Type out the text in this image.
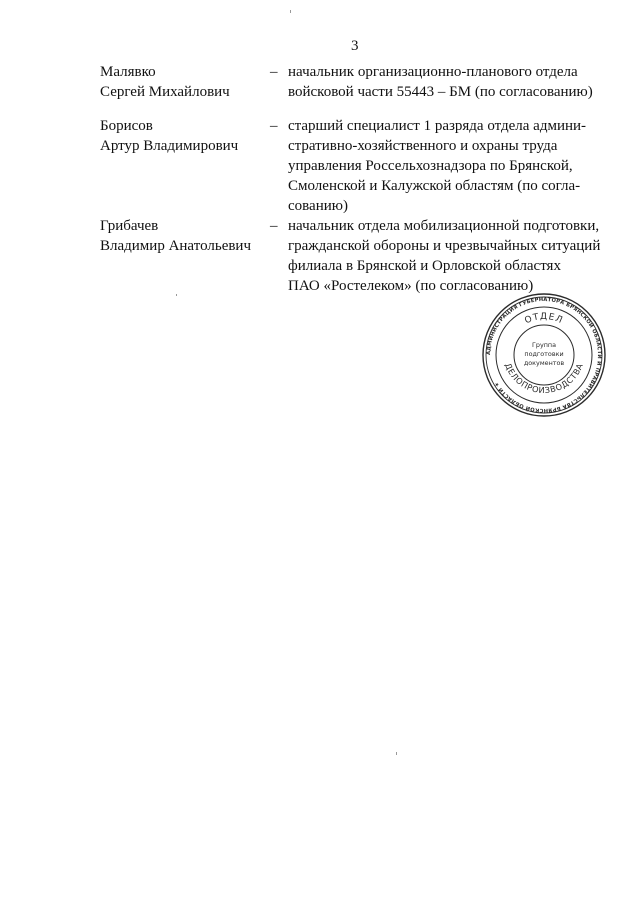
3
Малявко
Сергей Михайлович
– начальник организационно-планового отдела
войсковой части 55443 – БМ (по согласованию)
Борисов
Артур Владимирович
– старший специалист 1 разряда отдела админи-
стративно-хозяйственного и охраны труда
управления Россельхознадзора по Брянской,
Смоленской и Калужской областям (по согла-
сованию)
Грибачев
Владимир Анатольевич
– начальник отдела мобилизационной подготовки,
гражданской обороны и чрезвычайных ситуаций
филиала в Брянской и Орловской областях
ПАО «Ростелеком» (по согласованию)
АДМИНИСТРАЦИЯ ГУБЕРНАТОРА БРЯНСКОЙ ОБЛАСТИ И ПРАВИТЕЛЬСТВА БРЯНСКОЙ ОБЛАСТИ ★
ОТДЕЛ
ДЕЛОПРОИЗВОДСТВА
Группа
подготовки
документов
